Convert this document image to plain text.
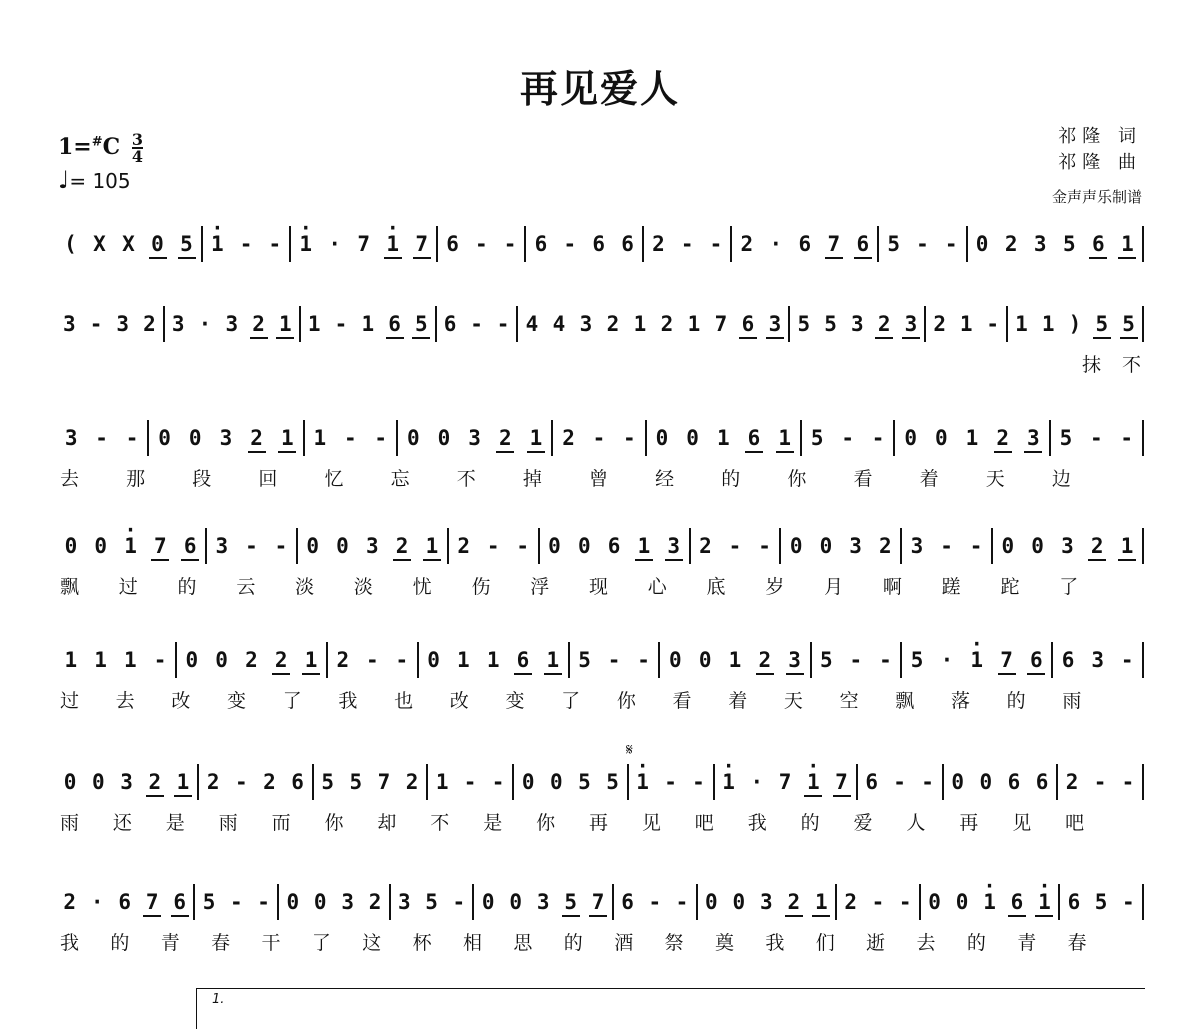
再见爱人
$1=^{\#}C \frac{3}{4}$
♩= 105
祁隆 词
祁隆 曲
金声声乐制谱
( X X 0 5 · 1 - - · 1 · 7 · 1 7 6 - - 6 - 6 6 2 - - 2 · 6 7 6 5 - - 0 2 3 5 6 1
3 - 3 2 3 · 3 2 1 1 - 1 6 5 6 - - 4 4 3 2 1 2 1 7 6 3 5 5 3 2 3 2 1 - 1 1 ) 5 5
抹 不
3 - - 0 0 3 2 1 1 - - 0 0 3 2 1 2 - - 0 0 1 6 1 5 - - 0 0 1 2 3 5 - -
去 那 段 回 忆 忘 不 掉 曾 经 的 你 看 着 天 边
0 0 · 1 7 6 3 - - 0 0 3 2 1 2 - - 0 0 6 1 3 2 - - 0 0 3 2 3 - - 0 0 3 2 1
飘 过 的 云 淡 淡 忧 伤 浮 现 心 底 岁 月 啊 蹉 跎 了
1 1 1 - 0 0 2 2 1 2 - - 0 1 1 6 1 5 - - 0 0 1 2 3 5 - - 5 · · 1 7 6 6 3 -
过 去 改 变 了 我 也 改 变 了 你 看 着 天 空 飘 落 的 雨
0 0 3 2 1 2 - 2 6 5 5 7 2 1 - - 0 0 5 5 · 1 - - · 1 · 7 · 1 7 6 - - 0 0 6 6 2 - -
雨 还 是 雨 而 你 却 不 是 你 再 见 吧 我 的 爱 人 再 见 吧
2 · 6 7 6 5 - - 0 0 3 2 3 5 - 0 0 3 5 7 6 - - 0 0 3 2 1 2 - - 0 0 · 1 6 · 1 6 5 -
我 的 青 春 干 了 这 杯 相 思 的 酒 祭 奠 我 们 逝 去 的 青 春
𝄋
1.
